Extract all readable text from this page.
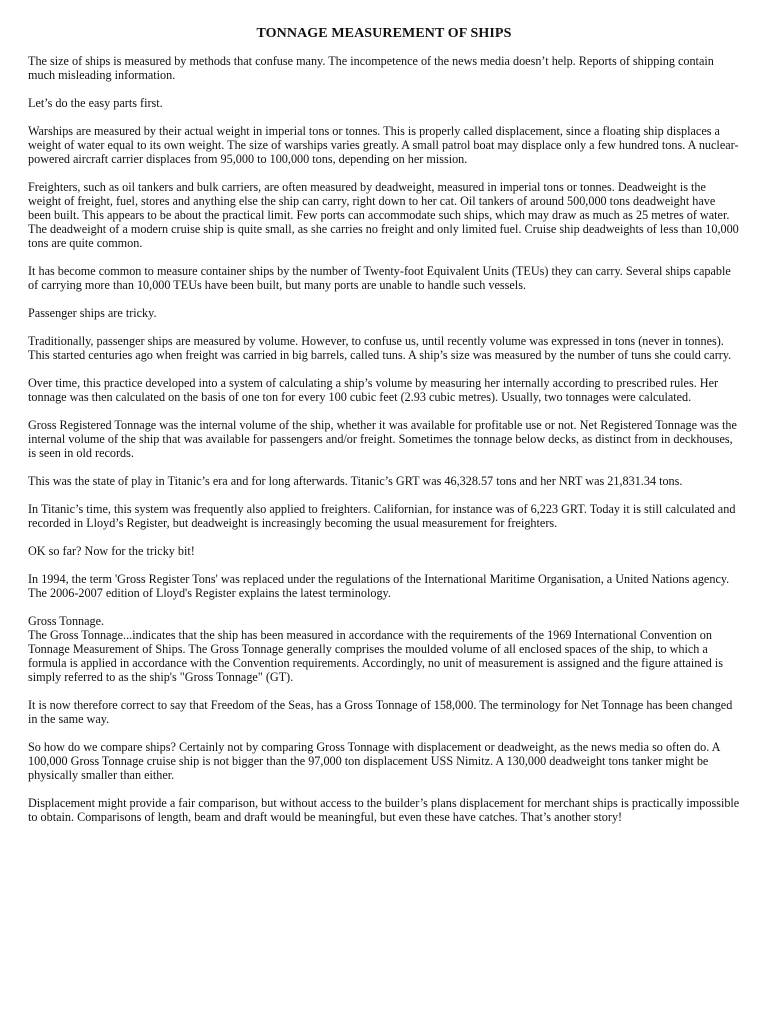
TONNAGE MEASUREMENT OF SHIPS
The size of ships is measured by methods that confuse many. The incompetence of the news media doesn’t help. Reports of shipping contain much misleading information.
Let’s do the easy parts first.
Warships are measured by their actual weight in imperial tons or tonnes. This is properly called displacement, since a floating ship displaces a weight of water equal to its own weight. The size of warships varies greatly. A small patrol boat may displace only a few hundred tons. A nuclear-powered aircraft carrier displaces from 95,000 to 100,000 tons, depending on her mission.
Freighters, such as oil tankers and bulk carriers, are often measured by deadweight, measured in imperial tons or tonnes. Deadweight is the weight of freight, fuel, stores and anything else the ship can carry, right down to her cat. Oil tankers of around 500,000 tons deadweight have been built. This appears to be about the practical limit. Few ports can accommodate such ships, which may draw as much as 25 metres of water. The deadweight of a modern cruise ship is quite small, as she carries no freight and only limited fuel. Cruise ship deadweights of less than 10,000 tons are quite common.
It has become common to measure container ships by the number of Twenty-foot Equivalent Units (TEUs) they can carry. Several ships capable of carrying more than 10,000 TEUs have been built, but many ports are unable to handle such vessels.
Passenger ships are tricky.
Traditionally, passenger ships are measured by volume. However, to confuse us, until recently volume was expressed in tons (never in tonnes). This started centuries ago when freight was carried in big barrels, called tuns. A ship’s size was measured by the number of tuns she could carry.
Over time, this practice developed into a system of calculating a ship’s volume by measuring her internally according to prescribed rules. Her tonnage was then calculated on the basis of one ton for every 100 cubic feet (2.93 cubic metres). Usually, two tonnages were calculated.
Gross Registered Tonnage was the internal volume of the ship, whether it was available for profitable use or not. Net Registered Tonnage was the internal volume of the ship that was available for passengers and/or freight. Sometimes the tonnage below decks, as distinct from in deckhouses, is seen in old records.
This was the state of play in Titanic’s era and for long afterwards. Titanic’s GRT was 46,328.57 tons and her NRT was 21,831.34 tons.
In Titanic’s time, this system was frequently also applied to freighters. Californian, for instance was of 6,223 GRT. Today it is still calculated and recorded in Lloyd’s Register, but deadweight is increasingly becoming the usual measurement for freighters.
OK so far? Now for the tricky bit!
In 1994, the term 'Gross Register Tons' was replaced under the regulations of the International Maritime Organisation, a United Nations agency. The 2006-2007 edition of Lloyd's Register explains the latest terminology.
Gross Tonnage.
The Gross Tonnage...indicates that the ship has been measured in accordance with the requirements of the 1969 International Convention on Tonnage Measurement of Ships. The Gross Tonnage generally comprises the moulded volume of all enclosed spaces of the ship, to which a formula is applied in accordance with the Convention requirements. Accordingly, no unit of measurement is assigned and the figure attained is simply referred to as the ship's "Gross Tonnage" (GT).
It is now therefore correct to say that Freedom of the Seas, has a Gross Tonnage of 158,000. The terminology for Net Tonnage has been changed in the same way.
So how do we compare ships? Certainly not by comparing Gross Tonnage with displacement or deadweight, as the news media so often do. A 100,000 Gross Tonnage cruise ship is not bigger than the 97,000 ton displacement USS Nimitz. A 130,000 deadweight tons tanker might be physically smaller than either.
Displacement might provide a fair comparison, but without access to the builder’s plans displacement for merchant ships is practically impossible to obtain. Comparisons of length, beam and draft would be meaningful, but even these have catches. That’s another story!
